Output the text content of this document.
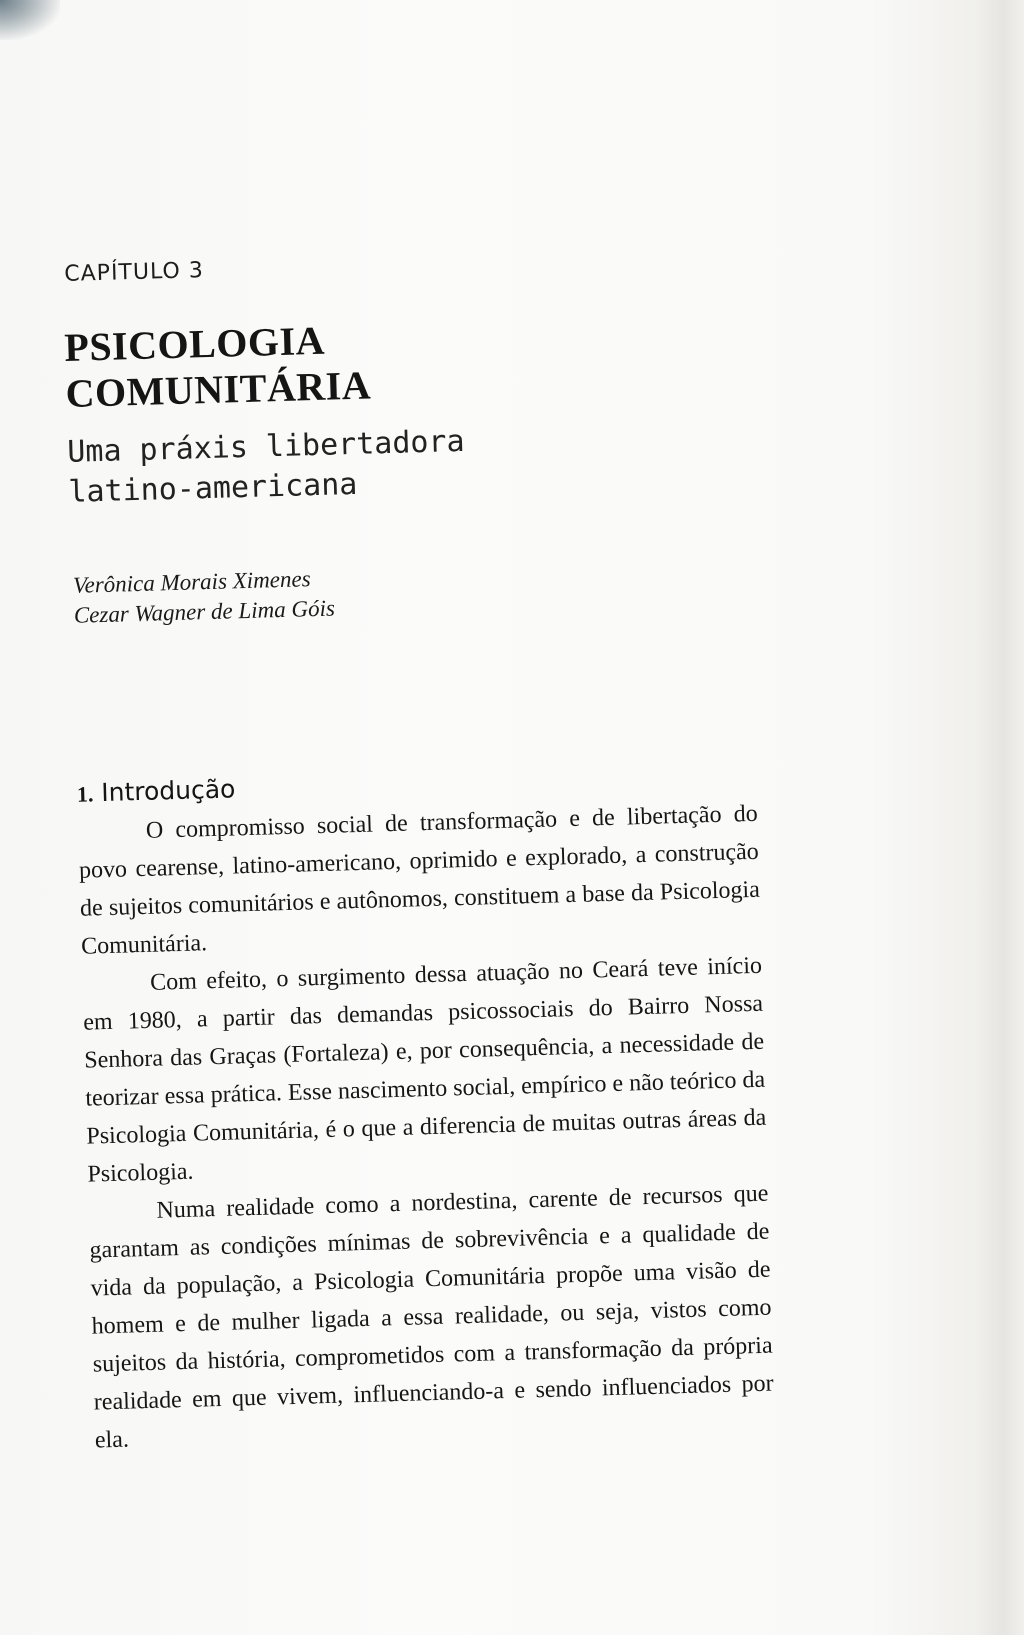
CAPÍTULO 3
PSICOLOGIA
COMUNITÁRIA
Uma práxis libertadora
latino-americana
Verônica Morais Ximenes
Cezar Wagner de Lima Góis
1. Introdução

O compromisso social de transformação e de libertação do povo cearense, latino-americano, oprimido e explorado, a construção de sujeitos comunitários e autônomos, constituem a base da Psicologia Comunitária.

Com efeito, o surgimento dessa atuação no Ceará teve início em 1980, a partir das demandas psicossociais do Bairro Nossa Senhora das Graças (Fortaleza) e, por consequência, a necessidade de teorizar essa prática. Esse nascimento social, empírico e não teórico da Psicologia Comunitária, é o que a diferencia de muitas outras áreas da Psicologia.

Numa realidade como a nordestina, carente de recursos que garantam as condições mínimas de sobrevivência e a qualidade de vida da população, a Psicologia Comunitária propõe uma visão de homem e de mulher ligada a essa realidade, ou seja, vistos como sujeitos da história, comprometidos com a transformação da própria realidade em que vivem, influenciando-a e sendo influenciados por ela.
